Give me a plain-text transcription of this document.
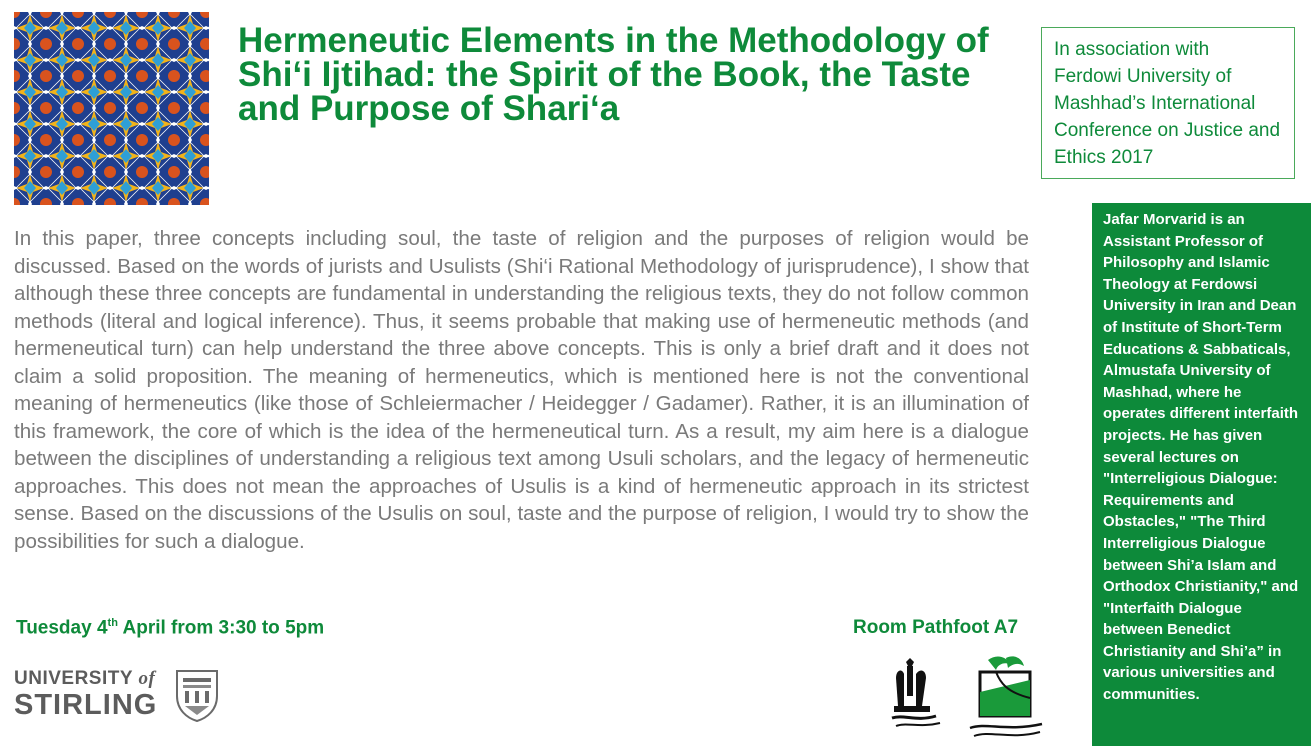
Hermeneutic Elements in the Methodology of Shi‘i Ijtihad: the Spirit of the Book, the Taste and Purpose of Shari‘a
In association with Ferdowi University of Mashhad’s International Conference on Justice and Ethics 2017

In this paper, three concepts including soul, the taste of religion and the purposes of religion would be discussed. Based on the words of jurists and Usulists (Shi‘i Rational Methodology of jurisprudence), I show that although these three concepts are fundamental in understanding the religious texts, they do not follow common methods (literal and logical inference). Thus, it seems probable that making use of hermeneutic methods (and hermeneutical turn) can help understand the three above concepts. This is only a brief draft and it does not claim a solid proposition. The meaning of hermeneutics, which is mentioned here is not the conventional meaning of hermeneutics (like those of Schleiermacher / Heidegger / Gadamer). Rather, it is an illumination of this framework, the core of which is the idea of the hermeneutical turn. As a result, my aim here is a dialogue between the disciplines of understanding a religious text among Usuli scholars, and the legacy of hermeneutic approaches. This does not mean the approaches of Usulis is a kind of hermeneutic approach in its strictest sense. Based on the discussions of the Usulis on soul, taste and the purpose of religion, I would try to show the possibilities for such a dialogue.

Jafar Morvarid is an Assistant Professor of Philosophy and Islamic Theology at Ferdowsi University in Iran and Dean of Institute of Short-Term Educations & Sabbaticals, Almustafa University of Mashhad, where he operates different interfaith projects. He has given several lectures on "Interreligious Dialogue: Requirements and Obstacles," "The Third Interreligious Dialogue between Shi’a Islam and Orthodox Christianity," and "Interfaith Dialogue between Benedict Christianity and Shi’a” in various universities and communities.
Tuesday 4th April from 3:30 to 5pm	Room Pathfoot A7
UNIVERSITY of
STIRLING
